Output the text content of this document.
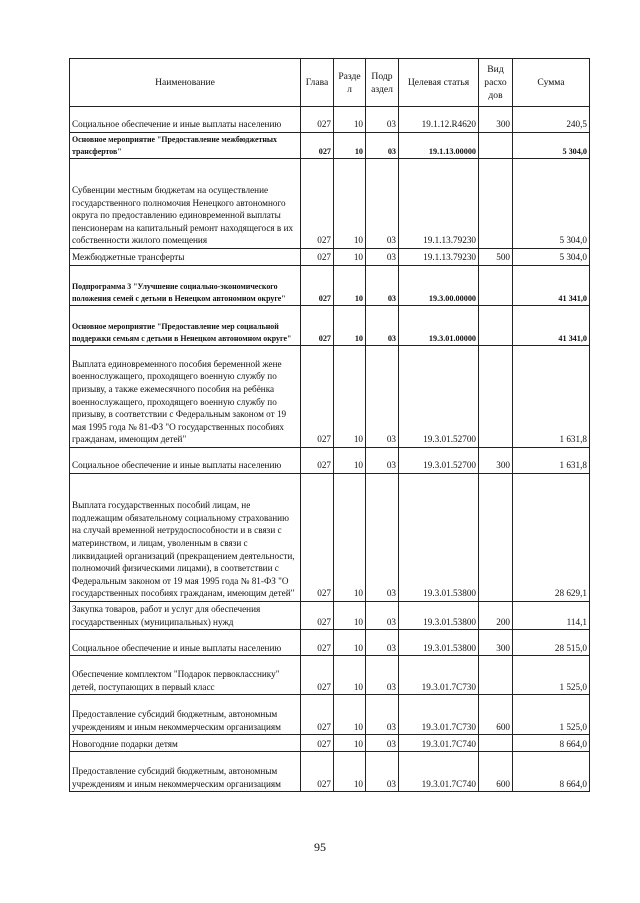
Наименование	Глава	Разде л	Подр аздел	Целевая статья	Вид расхо дов	Сумма
Социальное обеспечение и иные выплаты населению	027	10	03	19.1.12.R4620	300	240,5
Основное мероприятие "Предоставление межбюджетных трансфертов"	027	10	03	19.1.13.00000		5 304,0
Субвенции местным бюджетам на осуществление государственного полномочия Ненецкого автономного округа по предоставлению единовременной выплаты пенсионерам на капитальный ремонт находящегося в их собственности жилого помещения	027	10	03	19.1.13.79230		5 304,0
Межбюджетные трансферты	027	10	03	19.1.13.79230	500	5 304,0
Подпрограмма 3 "Улучшение социально-экономического положения семей с детьми в Ненецком автономном округе"	027	10	03	19.3.00.00000		41 341,0
Основное мероприятие "Предоставление мер социальной поддержки семьям с детьми в Ненецком автономном округе"	027	10	03	19.3.01.00000		41 341,0
Выплата единовременного пособия беременной жене военнослужащего, проходящего военную службу по призыву, а также ежемесячного пособия на ребёнка военнослужащего, проходящего военную службу по призыву, в соответствии с Федеральным законом от 19 мая 1995 года № 81-ФЗ "О государственных пособиях гражданам, имеющим детей"	027	10	03	19.3.01.52700		1 631,8
Социальное обеспечение и иные выплаты населению	027	10	03	19.3.01.52700	300	1 631,8
Выплата государственных пособий лицам, не подлежащим обязательному социальному страхованию на случай временной нетрудоспособности и в связи с материнством, и лицам, уволенным в связи с ликвидацией организаций (прекращением деятельности, полномочий физическими лицами), в соответствии с Федеральным законом от 19 мая 1995 года № 81-ФЗ "О государственных пособиях гражданам, имеющим детей"	027	10	03	19.3.01.53800		28 629,1
Закупка товаров, работ и услуг для обеспечения государственных (муниципальных) нужд	027	10	03	19.3.01.53800	200	114,1
Социальное обеспечение и иные выплаты населению	027	10	03	19.3.01.53800	300	28 515,0
Обеспечение комплектом "Подарок первокласснику" детей, поступающих в первый класс	027	10	03	19.3.01.7С730		1 525,0
Предоставление субсидий бюджетным, автономным учреждениям и иным некоммерческим организациям	027	10	03	19.3.01.7С730	600	1 525,0
Новогодние подарки детям	027	10	03	19.3.01.7С740		8 664,0
Предоставление субсидий бюджетным, автономным учреждениям и иным некоммерческим организациям	027	10	03	19.3.01.7С740	600	8 664,0
95
